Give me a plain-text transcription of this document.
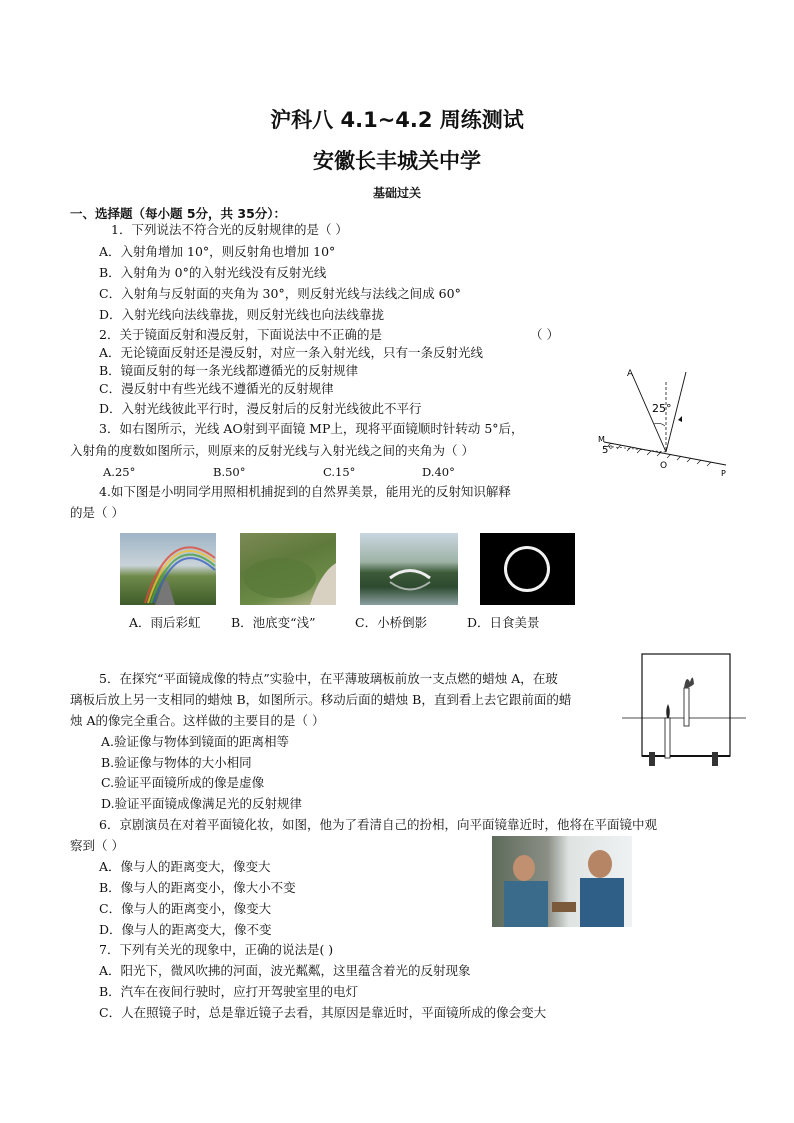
沪科八 4.1~4.2 周练测试
安徽长丰城关中学
基础过关
一、选择题（每小题 5分，共 35分）：
1．下列说法不符合光的反射规律的是（ ）
A．入射角增加 10°，则反射角也增加 10°
B．入射角为 0°的入射光线没有反射光线
C．入射角与反射面的夹角为 30°，则反射光线与法线之间成 60°
D．入射光线向法线靠拢，则反射光线也向法线靠拢
2．关于镜面反射和漫反射，下面说法中不正确的是	（ ）
A．无论镜面反射还是漫反射，对应一条入射光线，只有一条反射光线
B．镜面反射的每一条光线都遵循光的反射规律
C．漫反射中有些光线不遵循光的反射规律
D．入射光线彼此平行时，漫反射后的反射光线彼此不平行
3．如右图所示，光线 AO射到平面镜 MP上，现将平面镜顺时针转动 5°后，
入射角的度数如图所示，则原来的反射光线与入射光线之间的夹角为（ ）
A.25°	B.50°	C.15°	D.40°
A
25°
M
5°
O
P
4.如下图是小明同学用照相机捕捉到的自然界美景，能用光的反射知识解释
的是（ ）
A．雨后彩虹 B．池底变“浅”	C．小桥倒影	D．日食美景
5．在探究“平面镜成像的特点”实验中，在平薄玻璃板前放一支点燃的蜡烛 A，在玻
璃板后放上另一支相同的蜡烛 B，如图所示。移动后面的蜡烛 B，直到看上去它跟前面的蜡
烛 A的像完全重合。这样做的主要目的是（ ）
A.验证像与物体到镜面的距离相等
B.验证像与物体的大小相同
C.验证平面镜所成的像是虚像
D.验证平面镜成像满足光的反射规律
6．京剧演员在对着平面镜化妆，如图，他为了看清自己的扮相，向平面镜靠近时，他将在平面镜中观
察到（ ）
A．像与人的距离变大，像变大
B．像与人的距离变小，像大小不变
C．像与人的距离变小，像变大
D．像与人的距离变大，像不变
7．下列有关光的现象中，正确的说法是( )
A．阳光下，微风吹拂的河面，波光粼粼，这里蕴含着光的反射现象
B．汽车在夜间行驶时，应打开驾驶室里的电灯
C．人在照镜子时，总是靠近镜子去看，其原因是靠近时，平面镜所成的像会变大
